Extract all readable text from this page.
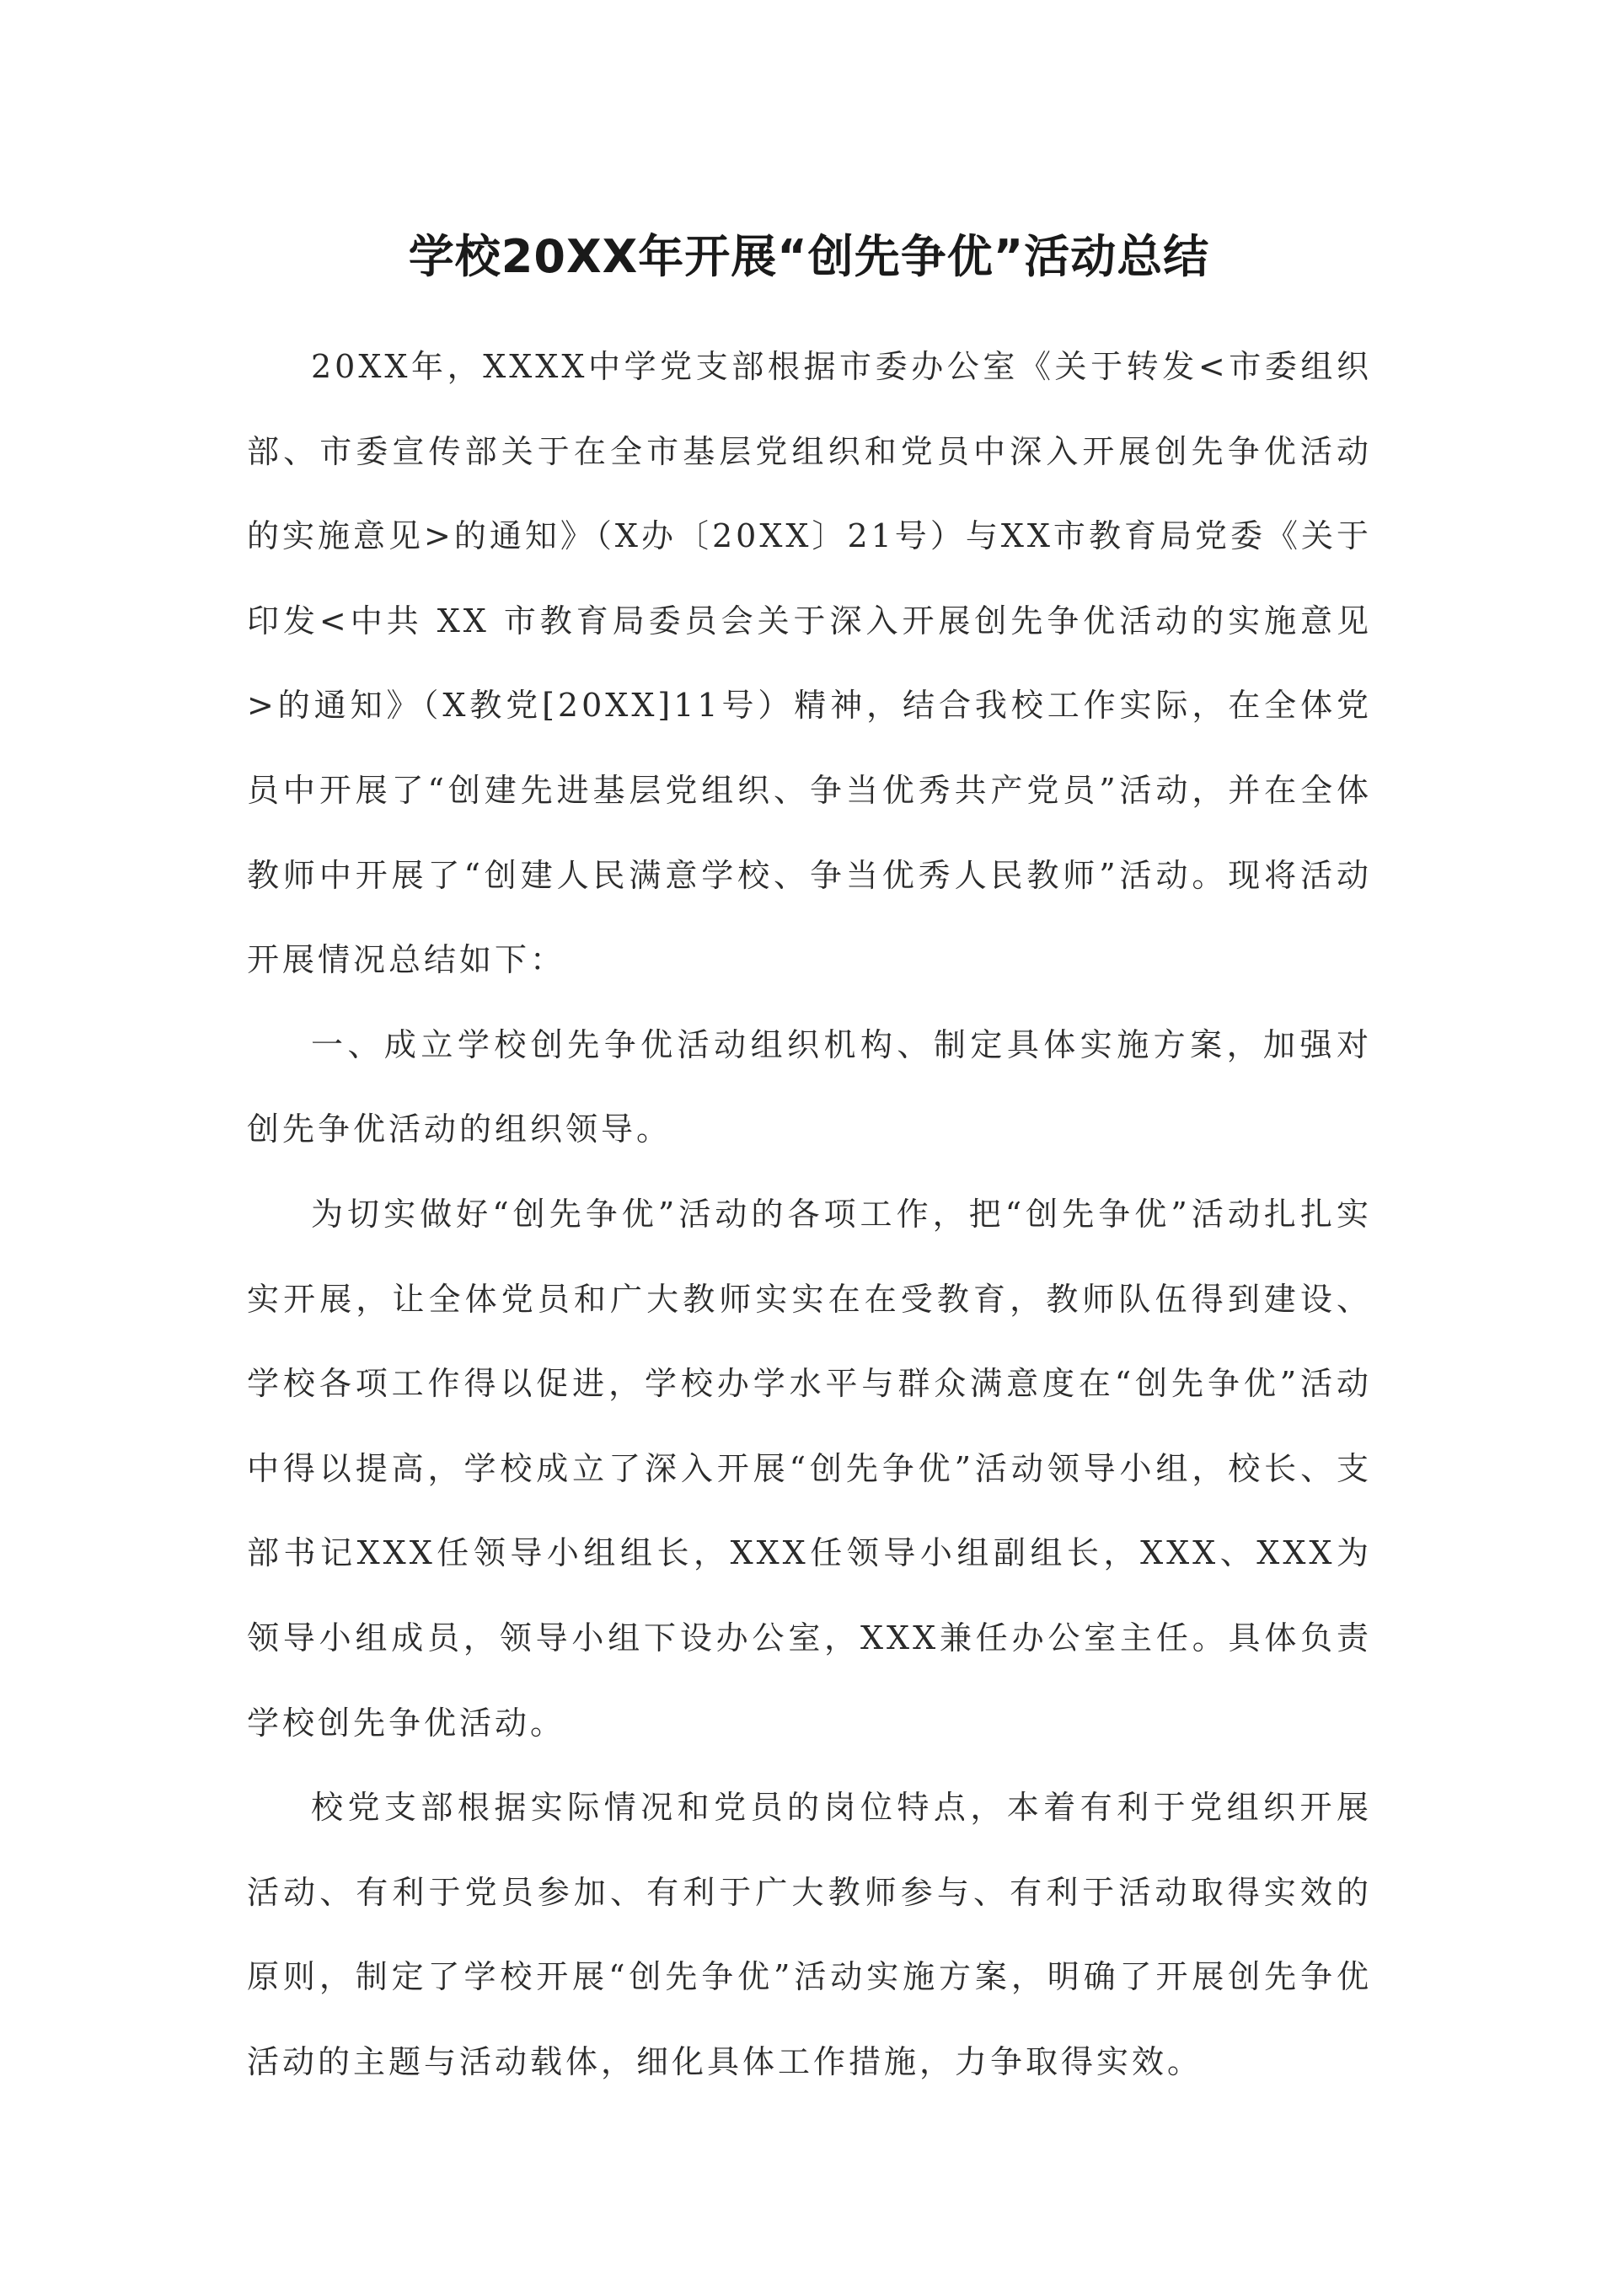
学校20XX年开展“创先争优”活动总结

20XX年，XXXX中学党支部根据市委办公室《关于转发<市委组织部、市委宣传部关于在全市基层党组织和党员中深入开展创先争优活动的实施意见>的通知》（X办〔20XX〕21号）与XX市教育局党委《关于印发<中共 XX 市教育局委员会关于深入开展创先争优活动的实施意见>的通知》（X教党[20XX]11号）精神，结合我校工作实际，在全体党员中开展了“创建先进基层党组织、争当优秀共产党员”活动，并在全体教师中开展了“创建人民满意学校、争当优秀人民教师”活动。现将活动开展情况总结如下：

一、成立学校创先争优活动组织机构、制定具体实施方案，加强对创先争优活动的组织领导。

为切实做好“创先争优”活动的各项工作，把“创先争优”活动扎扎实实开展，让全体党员和广大教师实实在在受教育，教师队伍得到建设、学校各项工作得以促进，学校办学水平与群众满意度在“创先争优”活动中得以提高，学校成立了深入开展“创先争优”活动领导小组，校长、支部书记XXX任领导小组组长，XXX任领导小组副组长，XXX、XXX为领导小组成员，领导小组下设办公室，XXX兼任办公室主任。具体负责学校创先争优活动。

校党支部根据实际情况和党员的岗位特点，本着有利于党组织开展活动、有利于党员参加、有利于广大教师参与、有利于活动取得实效的原则，制定了学校开展“创先争优”活动实施方案，明确了开展创先争优活动的主题与活动载体，细化具体工作措施，力争取得实效。
